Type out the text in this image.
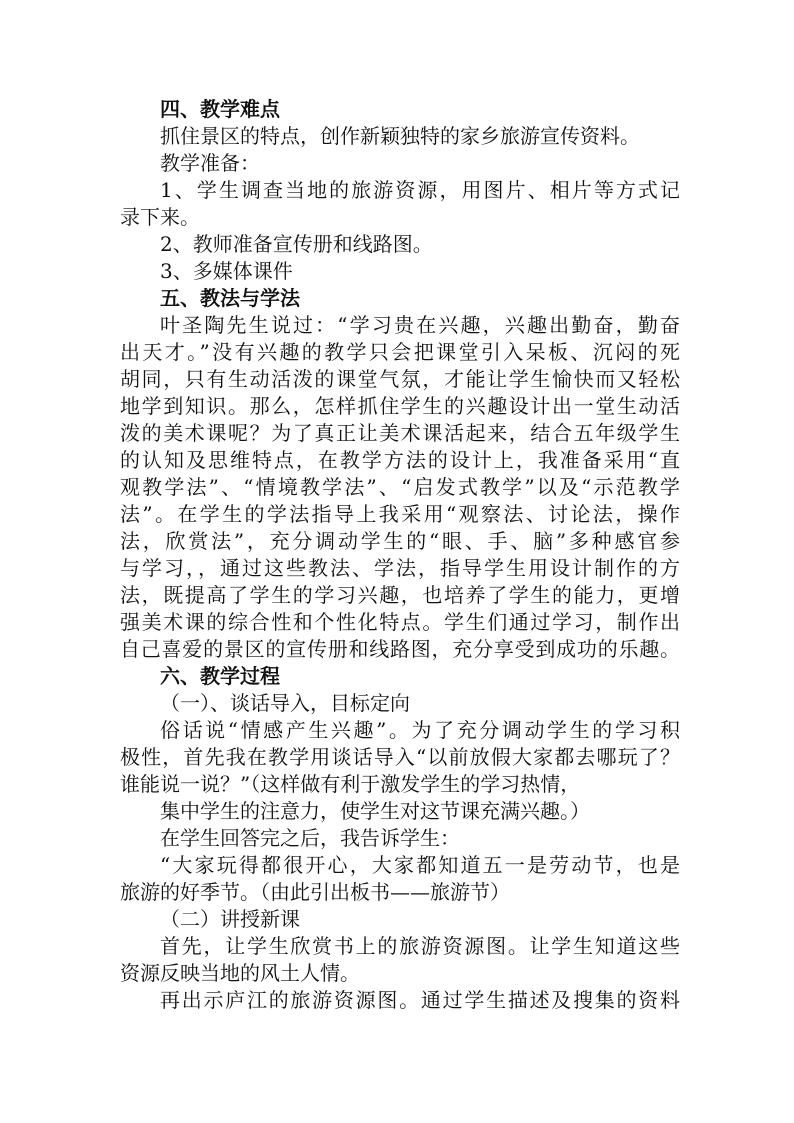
四、教学难点
抓住景区的特点，创作新颖独特的家乡旅游宣传资料。
教学准备：
1、学生调查当地的旅游资源，用图片、相片等方式记
录下来。
2、教师准备宣传册和线路图。
3、多媒体课件
五、教法与学法
叶圣陶先生说过：“学习贵在兴趣，兴趣出勤奋，勤奋
出天才。”没有兴趣的教学只会把课堂引入呆板、沉闷的死
胡同，只有生动活泼的课堂气氛，才能让学生愉快而又轻松
地学到知识。那么，怎样抓住学生的兴趣设计出一堂生动活
泼的美术课呢？为了真正让美术课活起来，结合五年级学生
的认知及思维特点，在教学方法的设计上，我准备采用“直
观教学法”、“情境教学法”、“启发式教学”以及“示范教学
法”。在学生的学法指导上我采用“观察法、讨论法，操作
法，欣赏法”，充分调动学生的“眼、手、脑”多种感官参
与学习，，通过这些教法、学法，指导学生用设计制作的方
法，既提高了学生的学习兴趣，也培养了学生的能力，更增
强美术课的综合性和个性化特点。学生们通过学习，制作出
自己喜爱的景区的宣传册和线路图，充分享受到成功的乐趣。
六、教学过程
（一）、谈话导入，目标定向
俗话说“情感产生兴趣”。为了充分调动学生的学习积
极性，首先我在教学用谈话导入“以前放假大家都去哪玩了？
谁能说一说？”（这样做有利于激发学生的学习热情，
集中学生的注意力，使学生对这节课充满兴趣。）
在学生回答完之后，我告诉学生：
“大家玩得都很开心，大家都知道五一是劳动节，也是
旅游的好季节。（由此引出板书——旅游节）
（二）讲授新课
首先，让学生欣赏书上的旅游资源图。让学生知道这些
资源反映当地的风土人情。
再出示庐江的旅游资源图。通过学生描述及搜集的资料
